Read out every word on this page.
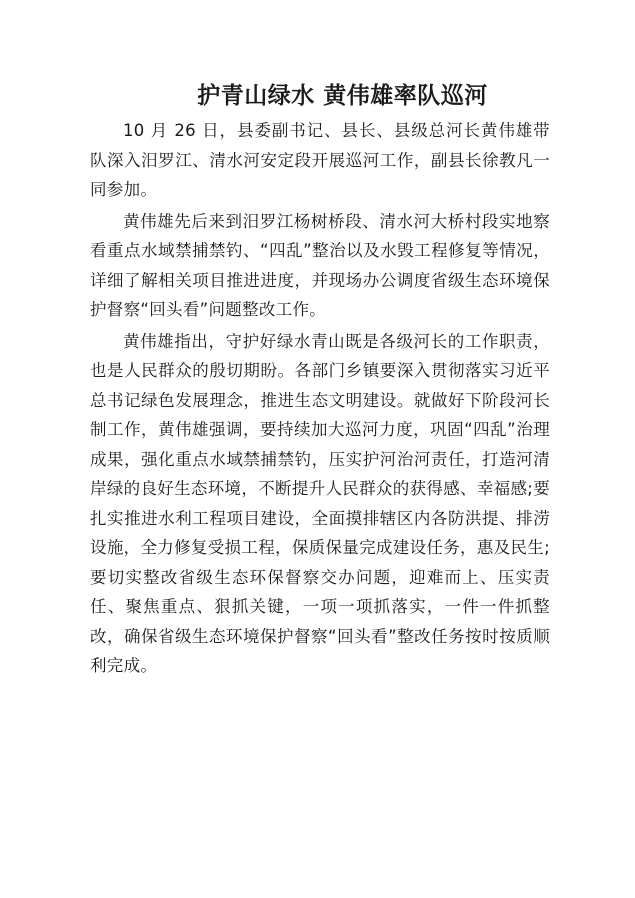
护青山绿水 黄伟雄率队巡河

10 月 26 日，县委副书记、县长、县级总河长黄伟雄带队深入汨罗江、清水河安定段开展巡河工作，副县长徐教凡一同参加。

黄伟雄先后来到汨罗江杨树桥段、清水河大桥村段实地察看重点水域禁捕禁钓、“四乱”整治以及水毁工程修复等情况，详细了解相关项目推进进度，并现场办公调度省级生态环境保护督察“回头看”问题整改工作。

黄伟雄指出，守护好绿水青山既是各级河长的工作职责，也是人民群众的殷切期盼。各部门乡镇要深入贯彻落实习近平总书记绿色发展理念，推进生态文明建设。就做好下阶段河长制工作，黄伟雄强调，要持续加大巡河力度，巩固“四乱”治理成果，强化重点水域禁捕禁钓，压实护河治河责任，打造河清岸绿的良好生态环境，不断提升人民群众的获得感、幸福感;要扎实推进水利工程项目建设，全面摸排辖区内各防洪提、排涝设施，全力修复受损工程，保质保量完成建设任务，惠及民生;要切实整改省级生态环保督察交办问题，迎难而上、压实责任、聚焦重点、狠抓关键，一项一项抓落实，一件一件抓整改，确保省级生态环境保护督察“回头看”整改任务按时按质顺利完成。
